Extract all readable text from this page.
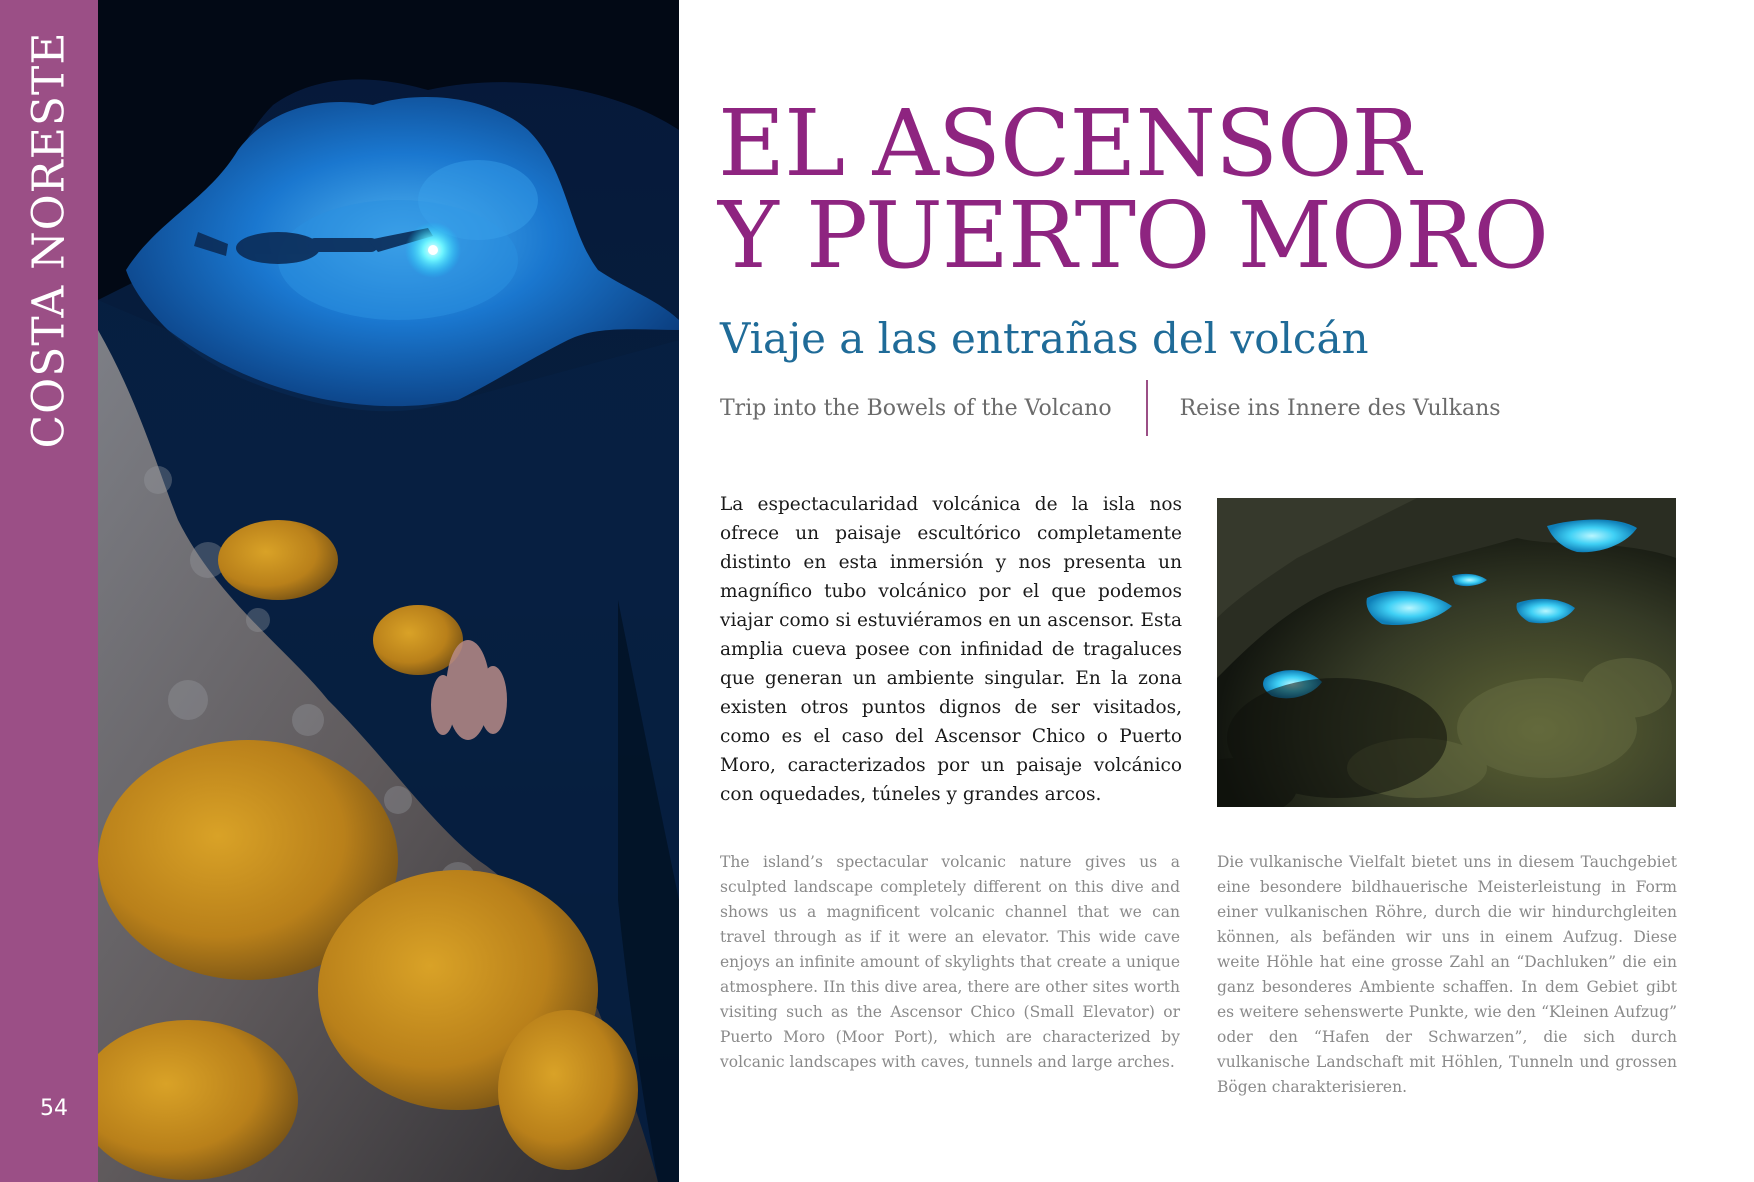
COSTA NORESTE
54
EL ASCENSOR
Y PUERTO MORO
Viaje a las entrañas del volcán
Trip into the Bowels of the Volcano	Reise ins Innere des Vulkans

La espectacularidad volcánica de la isla nos ofrece un paisaje escultórico completamente distinto en esta inmersión y nos presenta un magnífico tubo volcánico por el que podemos viajar como si estuviéramos en un ascensor. Esta amplia cueva posee con infinidad de tragaluces que generan un ambiente singular. En la zona existen otros puntos dignos de ser visitados, como es el caso del Ascensor Chico o Puerto Moro, caracterizados por un paisaje volcánico con oquedades, túneles y grandes arcos.

The island’s spectacular volcanic nature gives us a sculpted landscape completely different on this dive and shows us a magnificent volcanic channel that we can travel through as if it were an elevator. This wide cave enjoys an infinite amount of skylights that create a unique atmosphere. IIn this dive area, there are other sites worth visiting such as the Ascensor Chico (Small Elevator) or Puerto Moro (Moor Port), which are characterized by volcanic landscapes with caves, tunnels and large arches.

Die vulkanische Vielfalt bietet uns in diesem Tauchgebiet eine besondere bildhauerische Meisterleistung in Form einer vulkanischen Röhre, durch die wir hindurchgleiten können, als befänden wir uns in einem Aufzug. Diese weite Höhle hat eine grosse Zahl an “Dachluken” die ein ganz besonderes Ambiente schaffen. In dem Gebiet gibt es weitere sehenswerte Punkte, wie den “Kleinen Aufzug” oder den “Hafen der Schwarzen”, die sich durch vulkanische Landschaft mit Höhlen, Tunneln und grossen Bögen charakterisieren.
